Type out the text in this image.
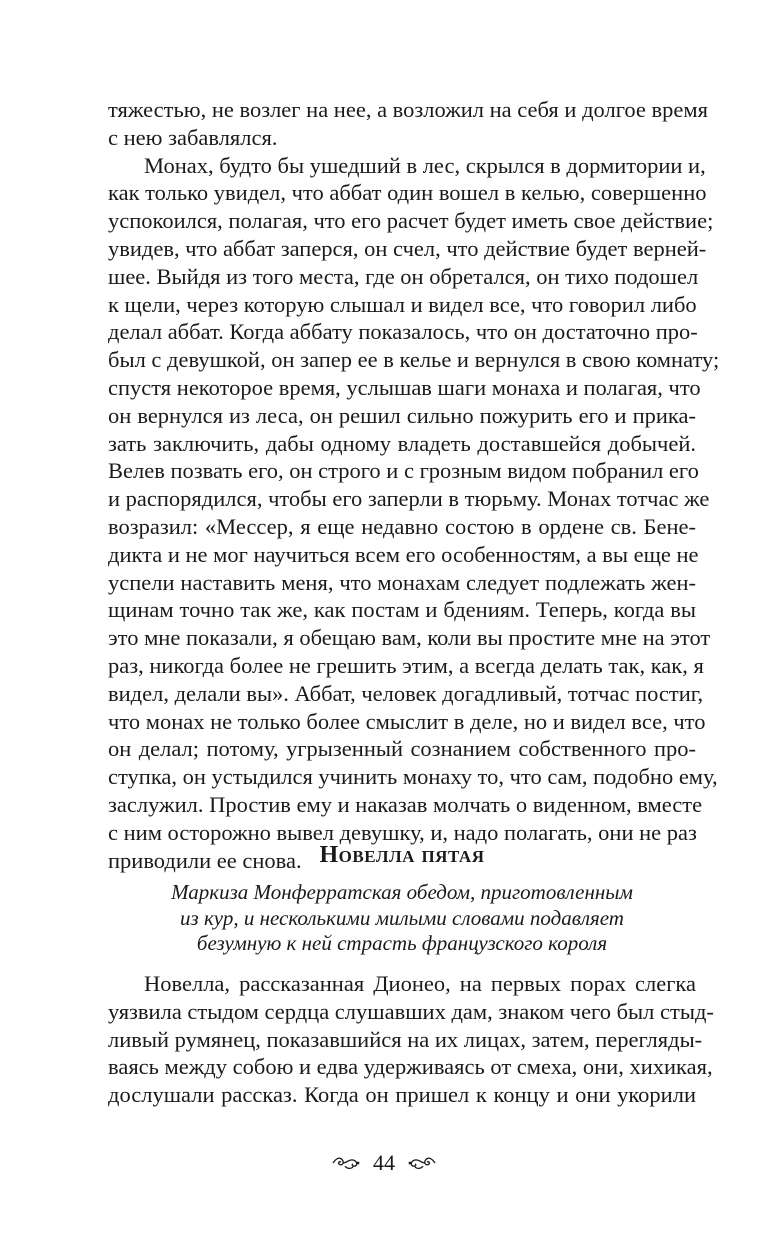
тяжестью, не возлег на нее, а возложил на себя и долгое время
с нею забавлялся.

Монах, будто бы ушедший в лес, скрылся в дормитории и,
как только увидел, что аббат один вошел в келью, совершенно
успокоился, полагая, что его расчет будет иметь свое действие;
увидев, что аббат заперся, он счел, что действие будет верней-
шее. Выйдя из того места, где он обретался, он тихо подошел
к щели, через которую слышал и видел все, что говорил либо
делал аббат. Когда аббату показалось, что он достаточно про-
был с девушкой, он запер ее в келье и вернулся в свою комнату;
спустя некоторое время, услышав шаги монаха и полагая, что
он вернулся из леса, он решил сильно пожурить его и прика-
зать заключить, дабы одному владеть доставшейся добычей.
Велев позвать его, он строго и с грозным видом побранил его
и распорядился, чтобы его заперли в тюрьму. Монах тотчас же
возразил: «Мессер, я еще недавно состою в ордене св. Бене-
дикта и не мог научиться всем его особенностям, а вы еще не
успели наставить меня, что монахам следует подлежать жен-
щинам точно так же, как постам и бдениям. Теперь, когда вы
это мне показали, я обещаю вам, коли вы простите мне на этот
раз, никогда более не грешить этим, а всегда делать так, как, я
видел, делали вы». Аббат, человек догадливый, тотчас постиг,
что монах не только более смыслит в деле, но и видел все, что
он делал; потому, угрызенный сознанием собственного про-
ступка, он устыдился учинить монаху то, что сам, подобно ему,
заслужил. Простив ему и наказав молчать о виденном, вместе
с ним осторожно вывел девушку, и, надо полагать, они не раз
приводили ее снова. Новелла пятая
Маркиза Монферратская обедом, приготовленным
из кур, и несколькими милыми словами подавляет
безумную к ней страсть французского короля

Новелла, рассказанная Дионео, на первых порах слегка
уязвила стыдом сердца слушавших дам, знаком чего был стыд-
ливый румянец, показавшийся на их лицах, затем, перегляды-
ваясь между собою и едва удерживаясь от смеха, они, хихикая,
дослушали рассказ. Когда он пришел к концу и они укорили

44
